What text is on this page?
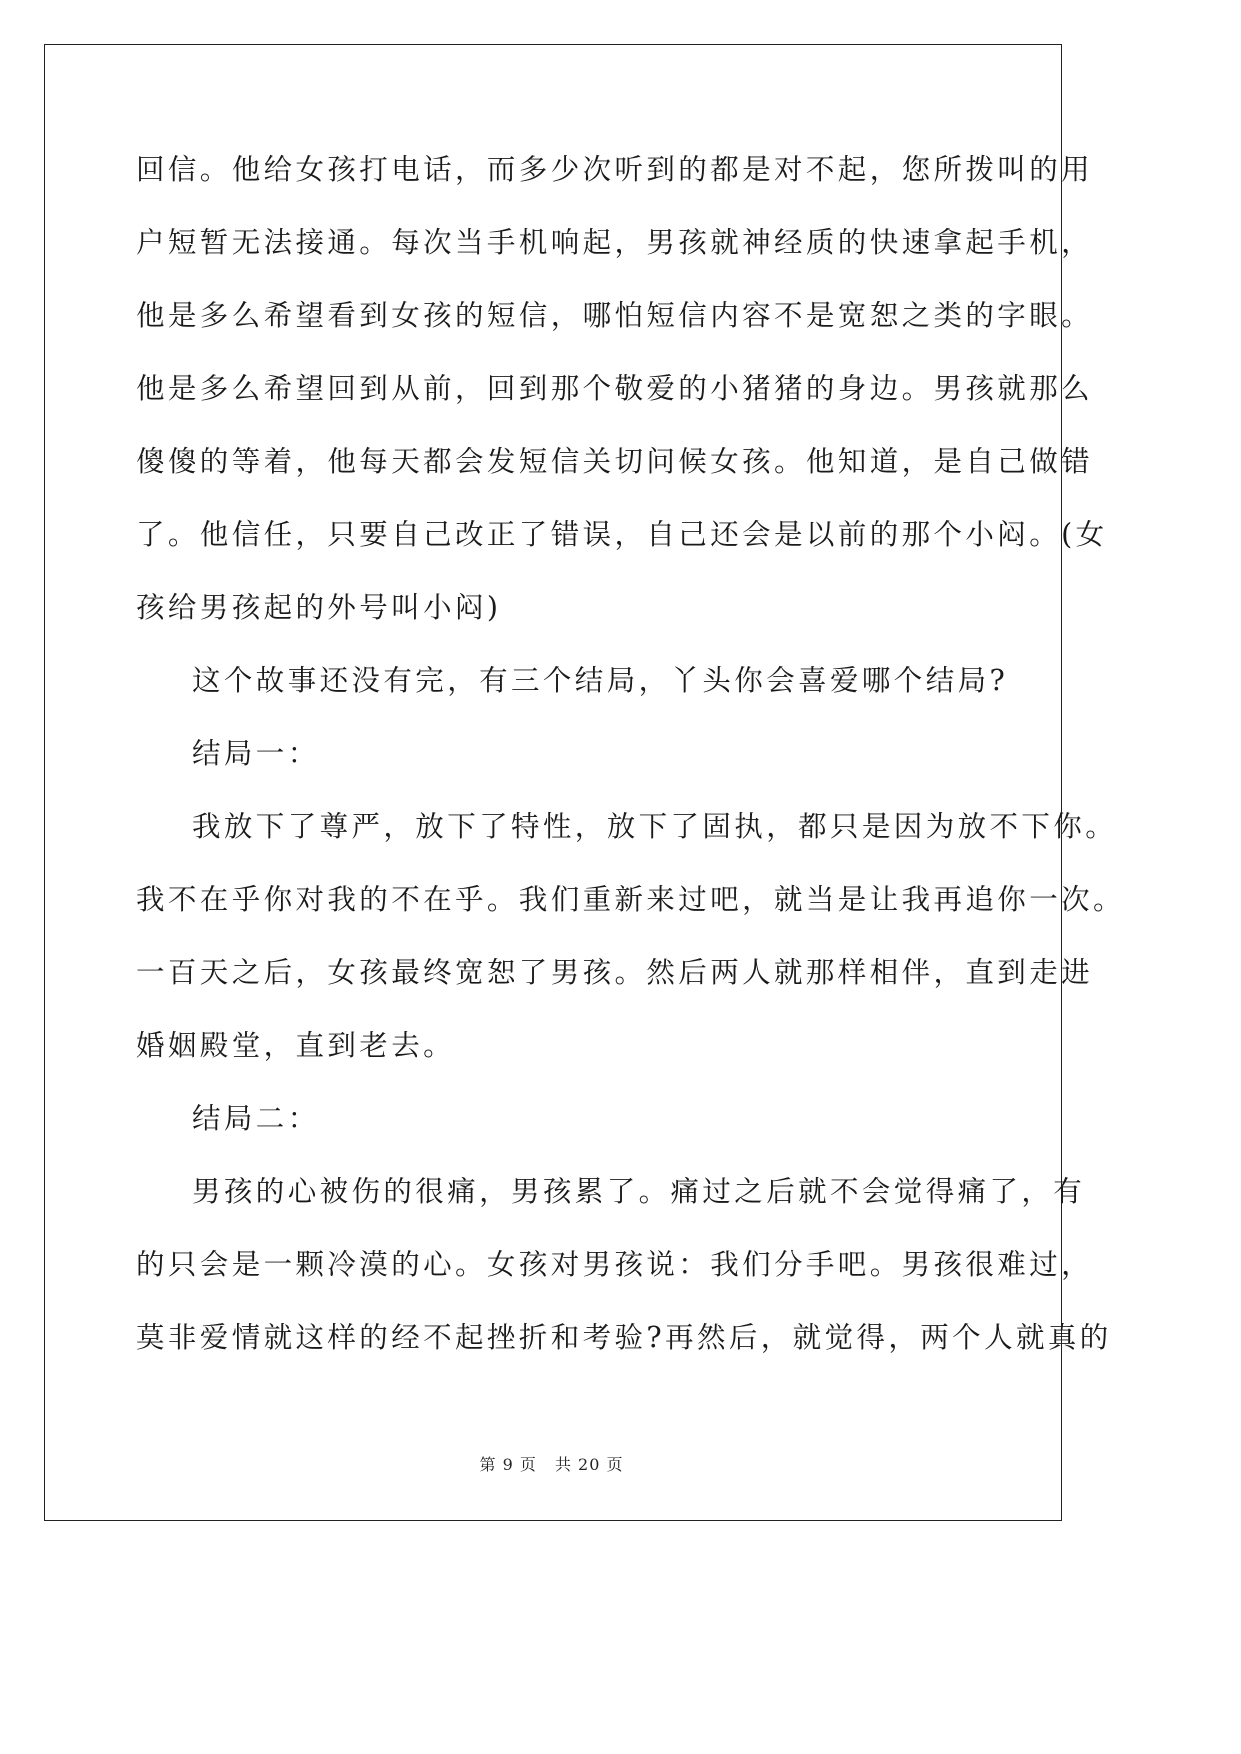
回信。他给女孩打电话，而多少次听到的都是对不起，您所拨叫的用
户短暂无法接通。每次当手机响起，男孩就神经质的快速拿起手机，
他是多么希望看到女孩的短信，哪怕短信内容不是宽恕之类的字眼。
他是多么希望回到从前，回到那个敬爱的小猪猪的身边。男孩就那么
傻傻的等着，他每天都会发短信关切问候女孩。他知道，是自己做错
了。他信任，只要自己改正了错误，自己还会是以前的那个小闷。(女
孩给男孩起的外号叫小闷)
这个故事还没有完，有三个结局，丫头你会喜爱哪个结局?
结局一：
我放下了尊严，放下了特性，放下了固执，都只是因为放不下你。
我不在乎你对我的不在乎。我们重新来过吧，就当是让我再追你一次。
一百天之后，女孩最终宽恕了男孩。然后两人就那样相伴，直到走进
婚姻殿堂，直到老去。
结局二：
男孩的心被伤的很痛，男孩累了。痛过之后就不会觉得痛了，有
的只会是一颗冷漠的心。女孩对男孩说：我们分手吧。男孩很难过，
莫非爱情就这样的经不起挫折和考验?再然后，就觉得，两个人就真的
第 9 页 共 20 页
